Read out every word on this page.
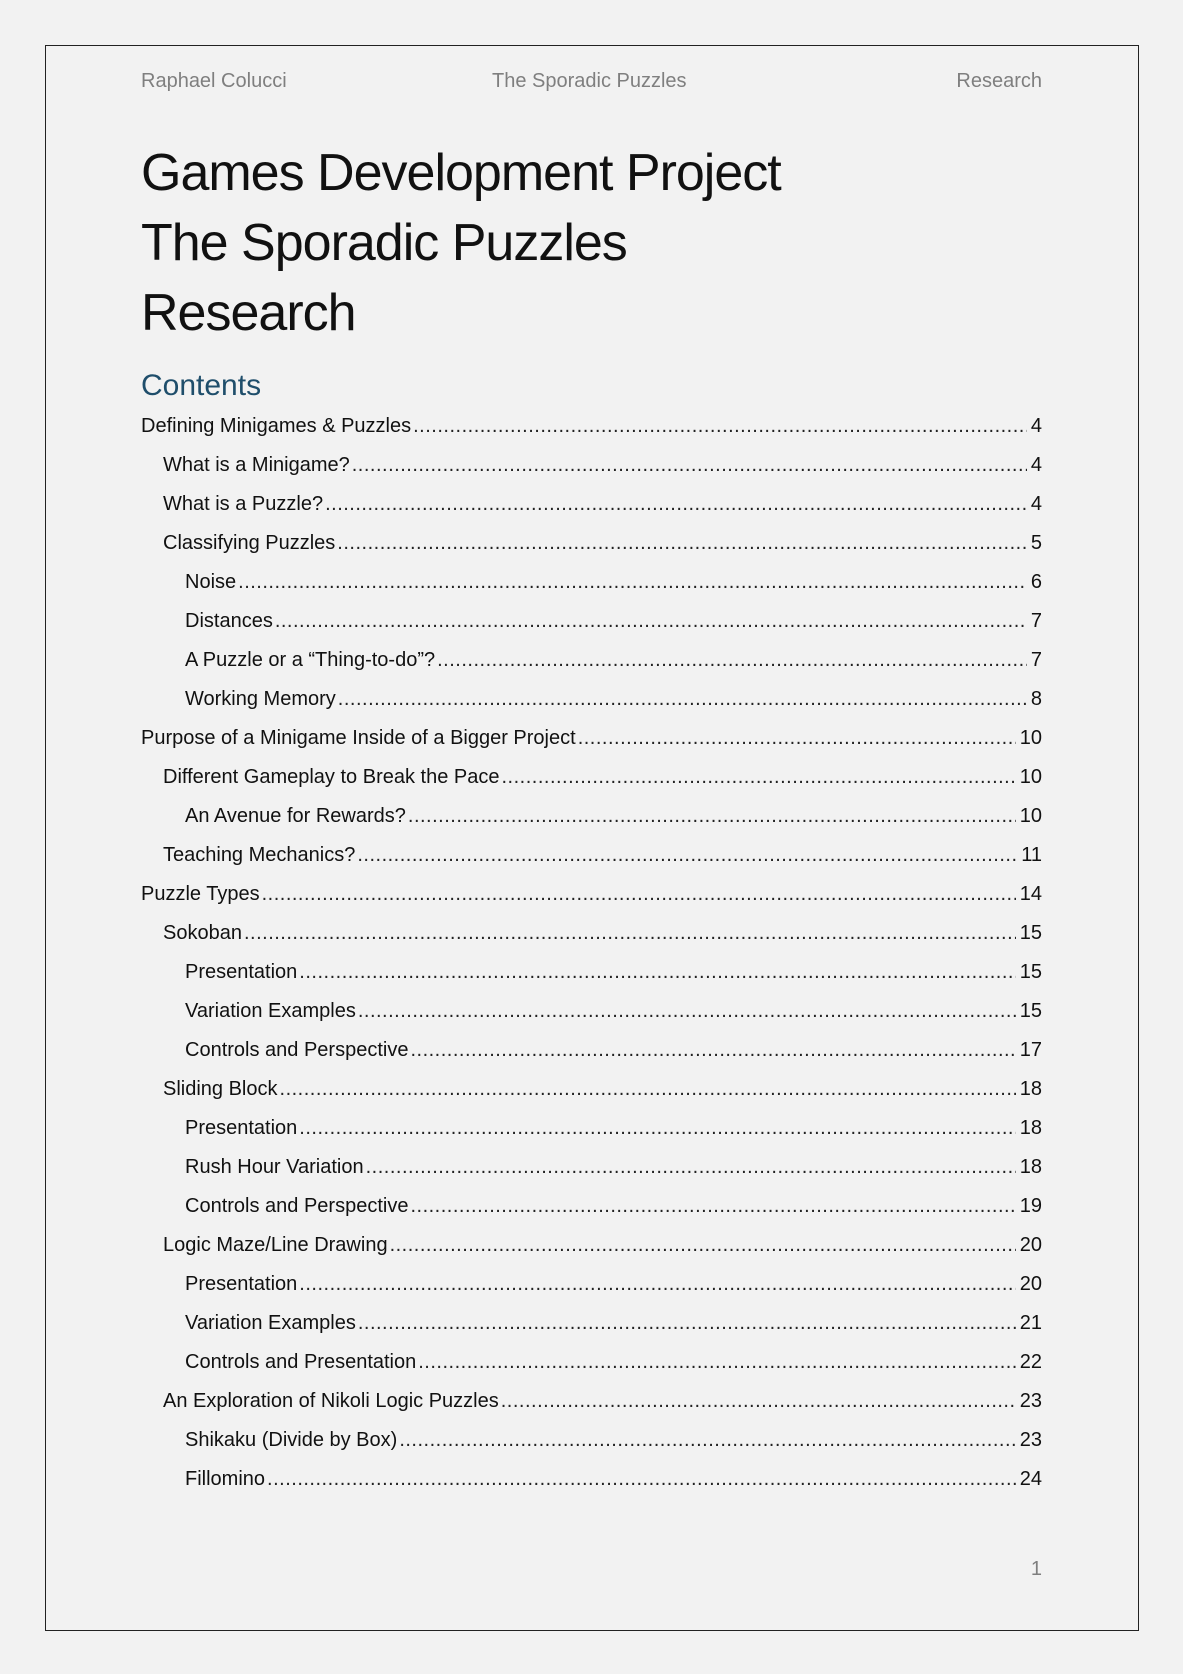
Raphael Colucci	The Sporadic Puzzles	Research
Games Development Project
The Sporadic Puzzles
Research
Contents
Defining Minigames & Puzzles .....	4
What is a Minigame? .....	4
What is a Puzzle? .....	4
Classifying Puzzles .....	5
Noise .....	6
Distances .....	7
A Puzzle or a “Thing-to-do”? .....	7
Working Memory .....	8
Purpose of a Minigame Inside of a Bigger Project .....	10
Different Gameplay to Break the Pace .....	10
An Avenue for Rewards? .....	10
Teaching Mechanics? .....	11
Puzzle Types .....	14
Sokoban .....	15
Presentation .....	15
Variation Examples .....	15
Controls and Perspective .....	17
Sliding Block .....	18
Presentation .....	18
Rush Hour Variation .....	18
Controls and Perspective .....	19
Logic Maze/Line Drawing .....	20
Presentation .....	20
Variation Examples .....	21
Controls and Presentation .....	22
An Exploration of Nikoli Logic Puzzles .....	23
Shikaku (Divide by Box) .....	23
Fillomino .....	24
1
